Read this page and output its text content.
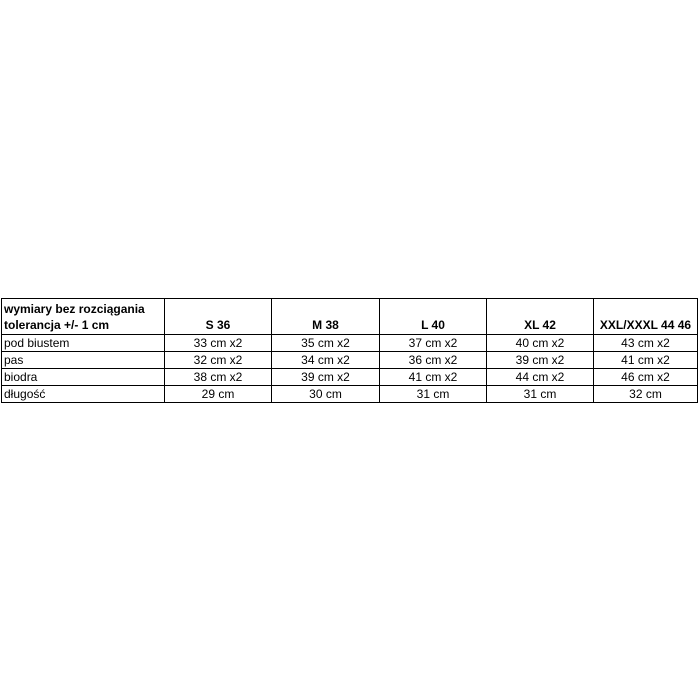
wymiary bez rozciągania
tolerancja +/- 1 cm	S 36	M 38	L 40	XL 42	XXL/XXXL 44 46
pod biustem	33 cm x2	35 cm x2	37 cm x2	40 cm x2	43 cm x2
pas	32 cm x2	34 cm x2	36 cm x2	39 cm x2	41 cm x2
biodra	38 cm x2	39 cm x2	41 cm x2	44 cm x2	46 cm x2
długość	29 cm	30 cm	31 cm	31 cm	32 cm
